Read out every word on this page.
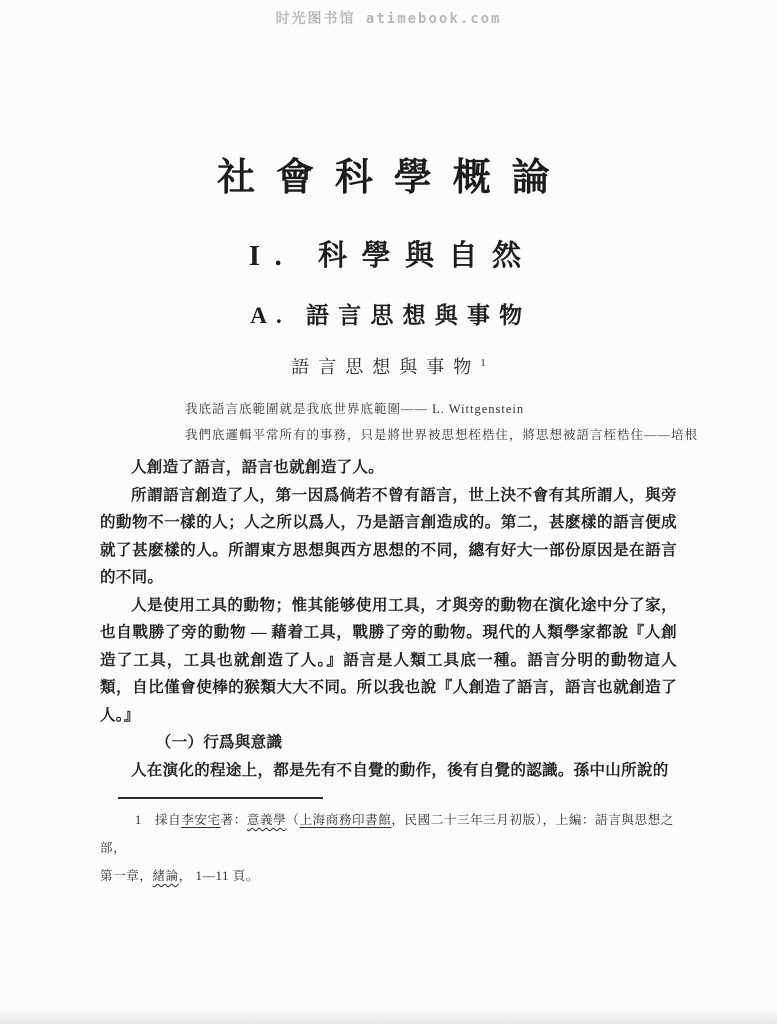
时光图书馆 atimebook.com
社會科學概論
I. 科學與自然
A. 語言思想與事物
語言思想與事物$^1$

我底語言底範圍就是我底世界底範圍—— L. Wittgenstein

我們底邏輯平常所有的事務，只是將世界被思想桎梏住，將思想被語言桎梏住——培根

人創造了語言，語言也就創造了人。

所謂語言創造了人，第一因爲倘若不曾有語言，世上決不會有其所謂人，與旁的動物不一樣的人；人之所以爲人，乃是語言創造成的。第二，甚麽樣的語言便成就了甚麽樣的人。所謂東方思想與西方思想的不同，總有好大一部份原因是在語言的不同。

人是使用工具的動物；惟其能够使用工具，才與旁的動物在演化途中分了家，也自戰勝了旁的動物 — 藉着工具，戰勝了旁的動物。現代的人類學家都說『人創造了工具，工具也就創造了人。』語言是人類工具底一種。語言分明的動物這人類，自比僅會使棒的猴類大大不同。所以我也說『人創造了語言，語言也就創造了人。』

（一）行爲與意識

人在演化的程途上，都是先有不自覺的動作，後有自覺的認識。孫中山所說的

1　採自李安宅著：意義學（上海商務印書館，民國二十三年三月初版），上編：語言與思想之部，
第一章，緒論， 1—11 頁。
